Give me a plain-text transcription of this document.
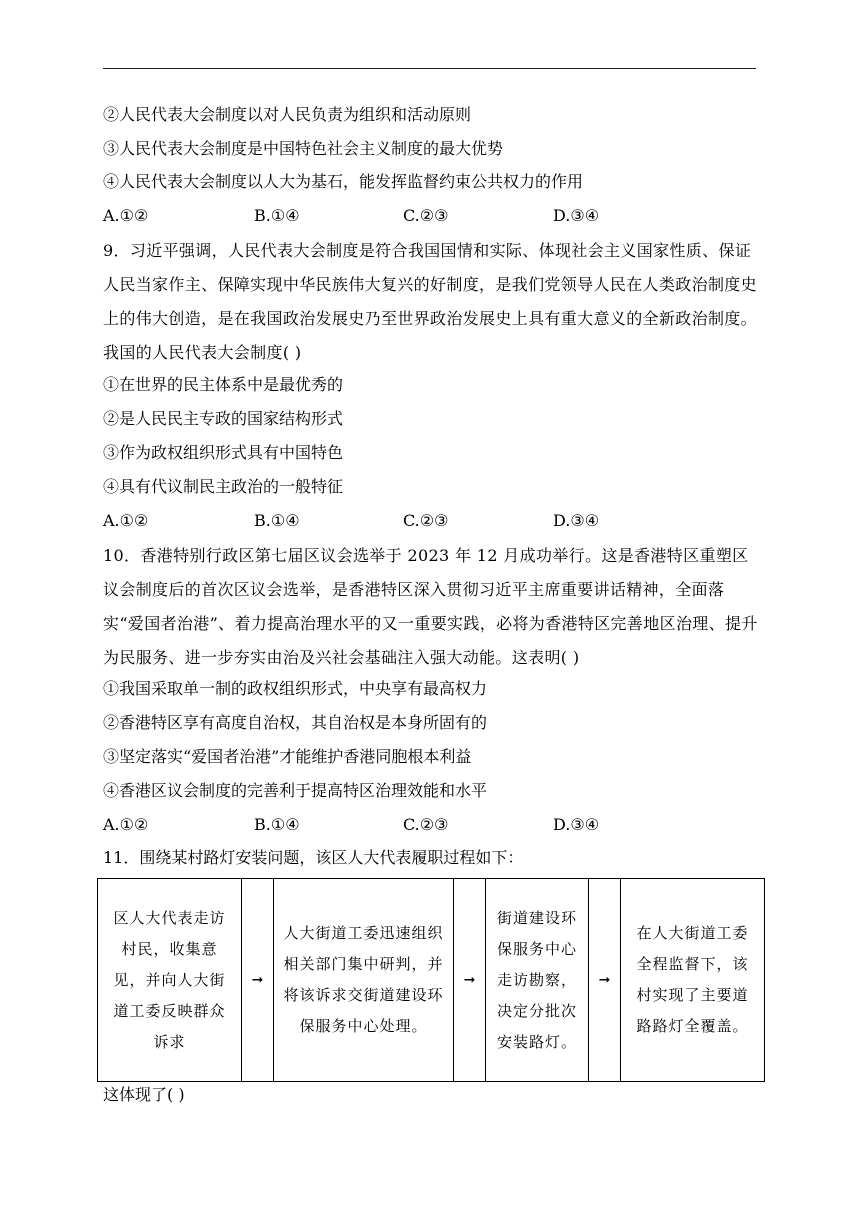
②人民代表大会制度以对人民负责为组织和活动原则
③人民代表大会制度是中国特色社会主义制度的最大优势
④人民代表大会制度以人大为基石，能发挥监督约束公共权力的作用
A.①②	B.①④	C.②③	D.③④
9．习近平强调，人民代表大会制度是符合我国国情和实际、体现社会主义国家性质、保证人民当家作主、保障实现中华民族伟大复兴的好制度，是我们党领导人民在人类政治制度史上的伟大创造，是在我国政治发展史乃至世界政治发展史上具有重大意义的全新政治制度。我国的人民代表大会制度( )
①在世界的民主体系中是最优秀的
②是人民民主专政的国家结构形式
③作为政权组织形式具有中国特色
④具有代议制民主政治的一般特征
A.①②	B.①④	C.②③	D.③④
10．香港特别行政区第七届区议会选举于 2023 年 12 月成功举行。这是香港特区重塑区议会制度后的首次区议会选举，是香港特区深入贯彻习近平主席重要讲话精神，全面落实“爱国者治港”、着力提高治理水平的又一重要实践，必将为香港特区完善地区治理、提升为民服务、进一步夯实由治及兴社会基础注入强大动能。这表明( )
①我国采取单一制的政权组织形式，中央享有最高权力
②香港特区享有高度自治权，其自治权是本身所固有的
③坚定落实“爱国者治港”才能维护香港同胞根本利益
④香港区议会制度的完善利于提高特区治理效能和水平
A.①②	B.①④	C.②③	D.③④
11．围绕某村路灯安装问题，该区人大代表履职过程如下：
区人大代表走访村民，收集意见，并向人大街道工委反映群众诉求	➞	人大街道工委迅速组织相关部门集中研判，并将该诉求交街道建设环保服务中心处理。	➞	街道建设环保服务中心走访勘察，决定分批次安装路灯。	➞	在人大街道工委全程监督下，该村实现了主要道路路灯全覆盖。
这体现了( )
